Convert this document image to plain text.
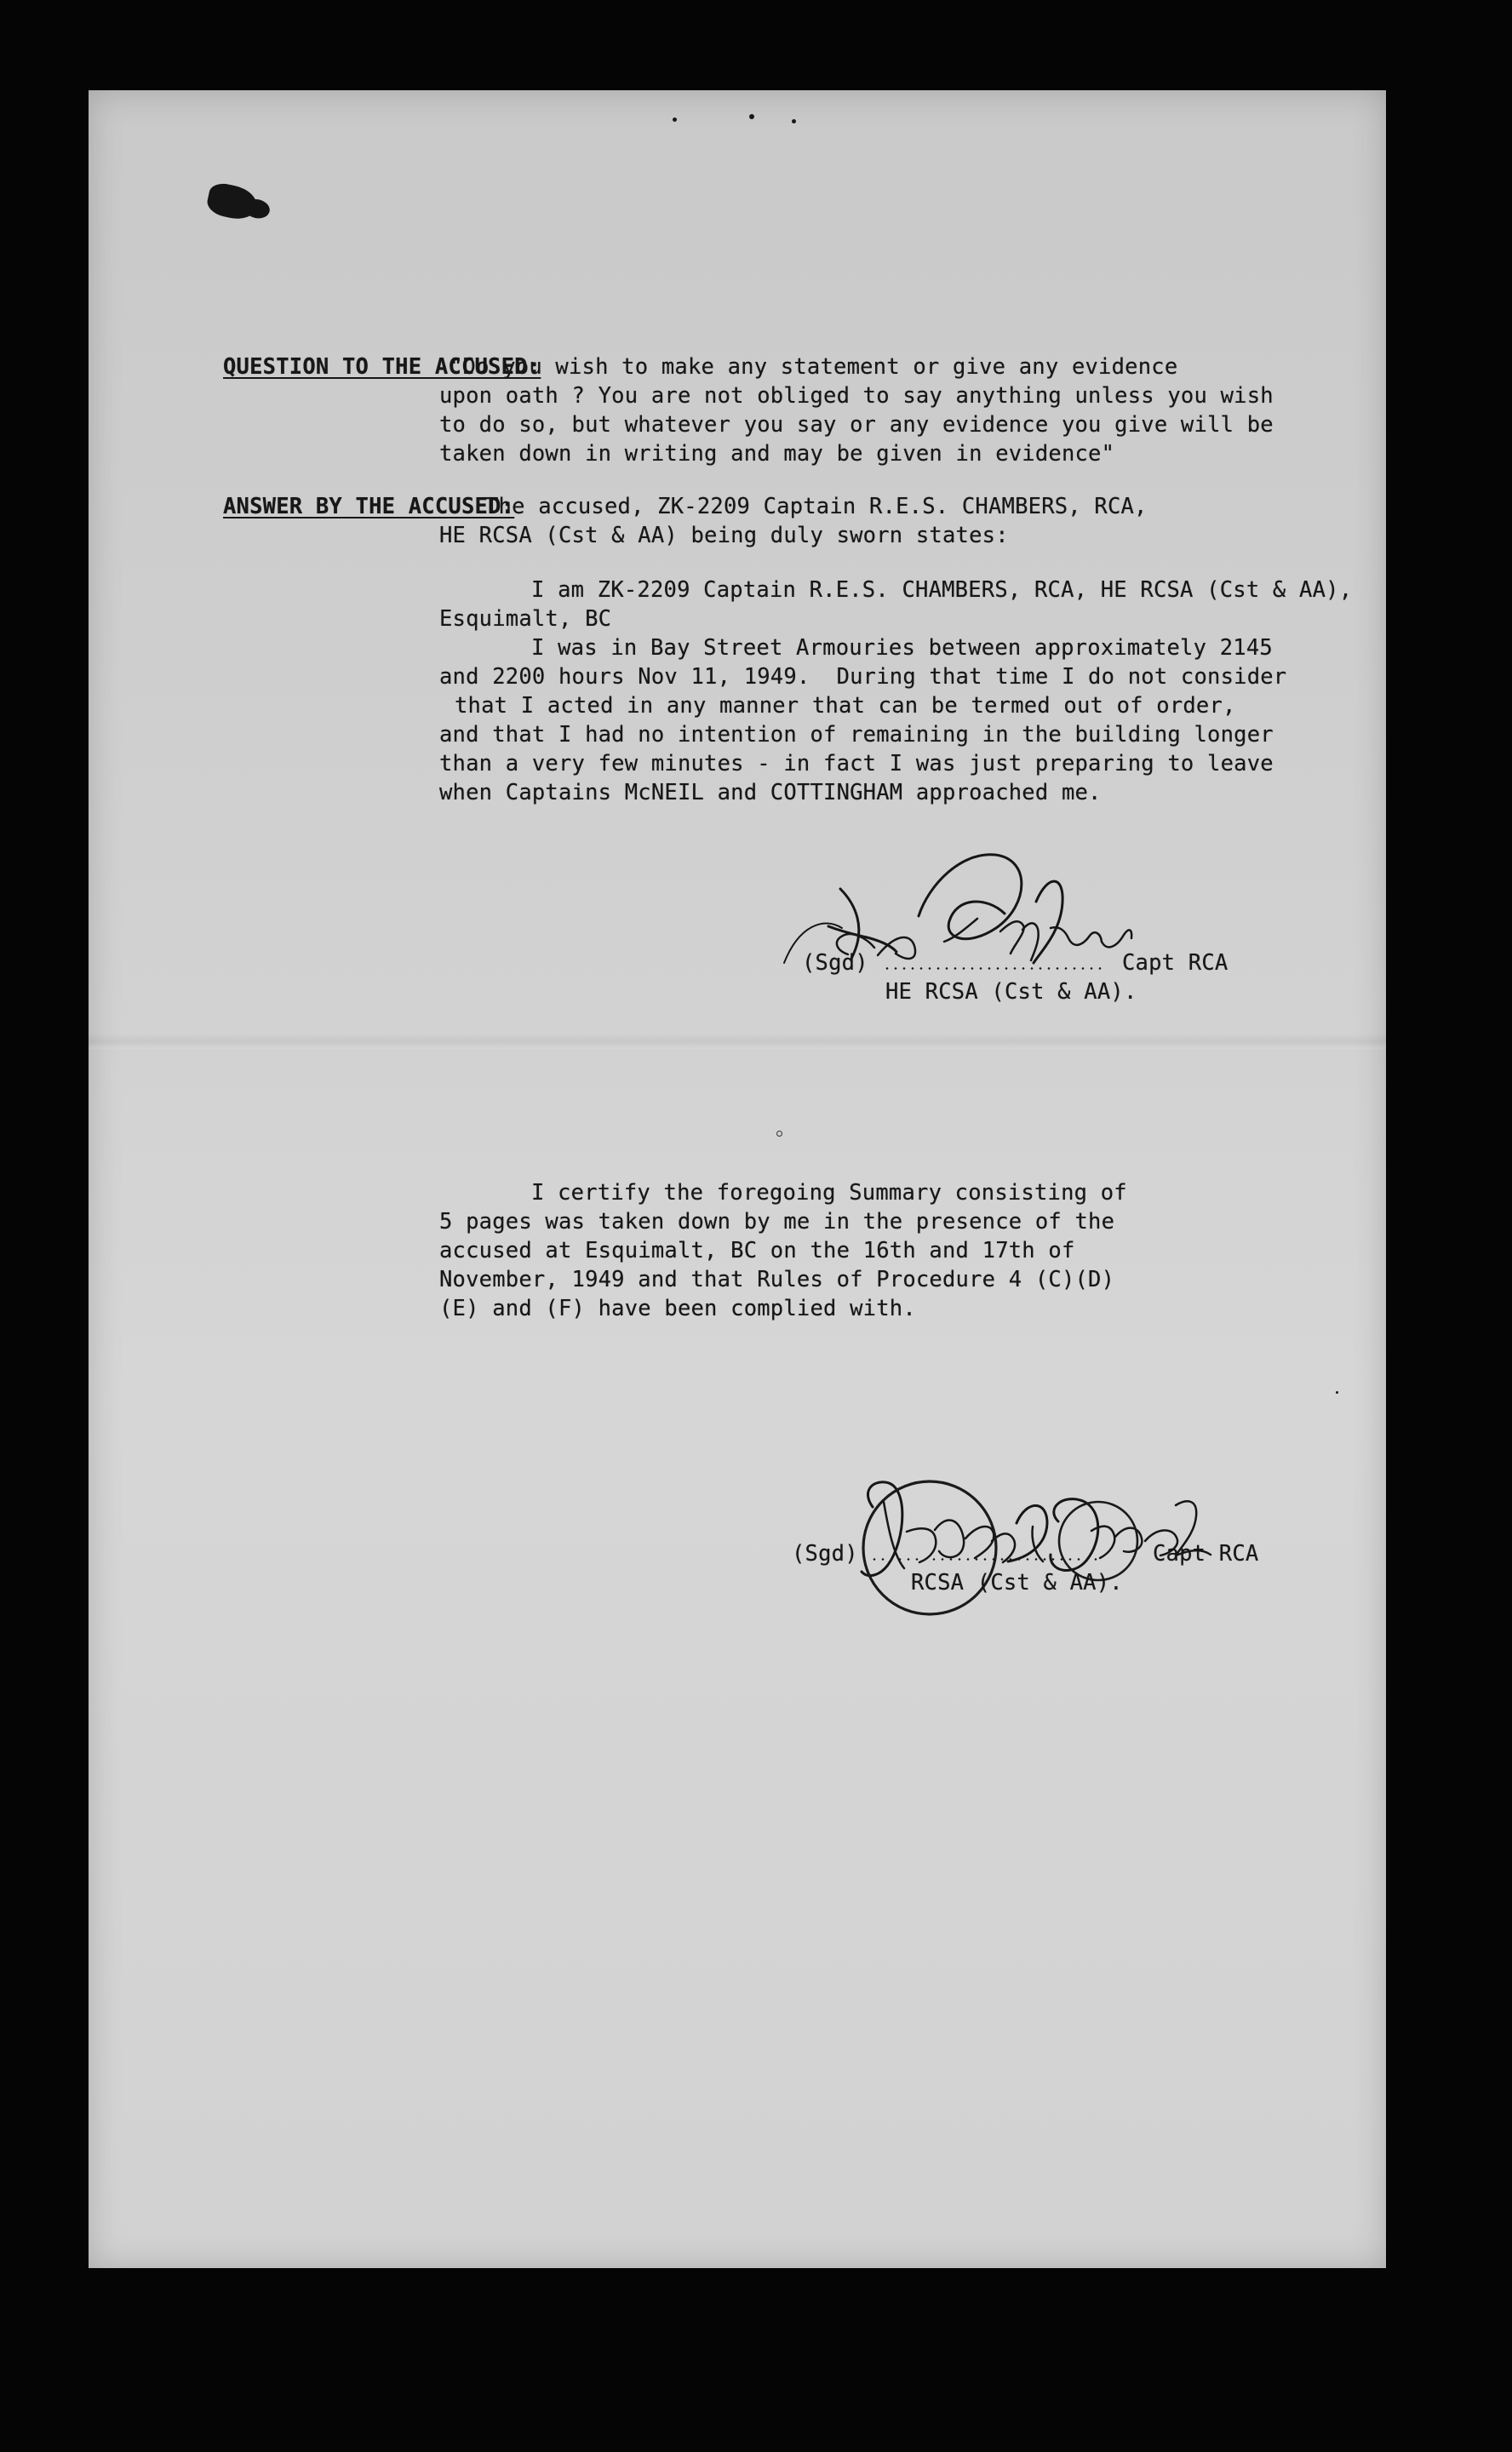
QUESTION TO THE ACCUSED:
"Do you wish to make any statement or give any evidence
upon oath ? You are not obliged to say anything unless you wish
to do so, but whatever you say or any evidence you give will be
taken down in writing and may be given in evidence"
ANSWER BY THE ACCUSED:
The accused, ZK-2209 Captain R.E.S. CHAMBERS, RCA,
HE RCSA (Cst & AA) being duly sworn states:
I am ZK-2209 Captain R.E.S. CHAMBERS, RCA, HE RCSA (Cst & AA),
Esquimalt, BC
I was in Bay Street Armouries between approximately 2145
and 2200 hours Nov 11, 1949.  During that time I do not consider
that I acted in any manner that can be termed out of order,
and that I had no intention of remaining in the building longer
than a very few minutes - in fact I was just preparing to leave
when Captains McNEIL and COTTINGHAM approached me.
(Sgd)	Capt RCA
HE RCSA (Cst & AA).
I certify the foregoing Summary consisting of
5 pages was taken down by me in the presence of the
accused at Esquimalt, BC on the 16th and 17th of
November, 1949 and that Rules of Procedure 4 (C)(D)
(E) and (F) have been complied with.
(Sgd)	Capt RCA
RCSA (Cst & AA).
